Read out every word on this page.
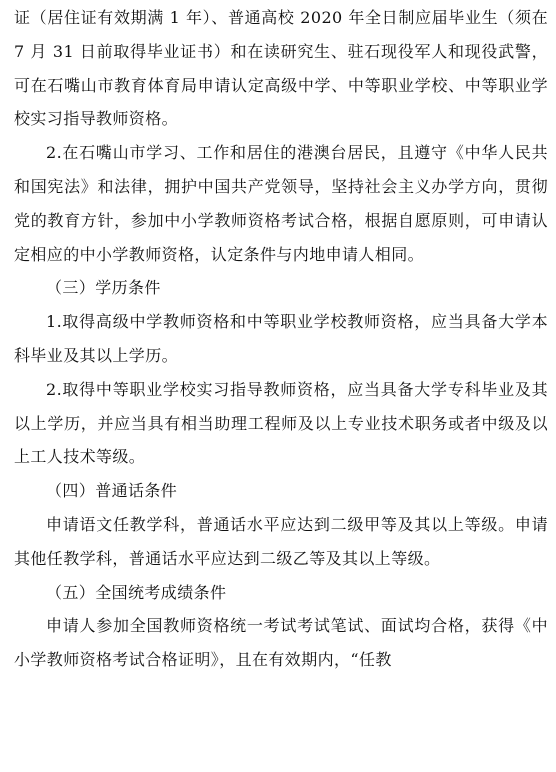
证（居住证有效期满 1 年）、普通高校 2020 年全日制应届毕业生（须在 7 月 31 日前取得毕业证书）和在读研究生、驻石现役军人和现役武警，可在石嘴山市教育体育局申请认定高级中学、中等职业学校、中等职业学校实习指导教师资格。

2.在石嘴山市学习、工作和居住的港澳台居民，且遵守《中华人民共和国宪法》和法律，拥护中国共产党领导，坚持社会主义办学方向，贯彻党的教育方针，参加中小学教师资格考试合格，根据自愿原则，可申请认定相应的中小学教师资格，认定条件与内地申请人相同。

（三）学历条件

1.取得高级中学教师资格和中等职业学校教师资格，应当具备大学本科毕业及其以上学历。

2.取得中等职业学校实习指导教师资格，应当具备大学专科毕业及其以上学历，并应当具有相当助理工程师及以上专业技术职务或者中级及以上工人技术等级。

（四）普通话条件

申请语文任教学科，普通话水平应达到二级甲等及其以上等级。申请其他任教学科，普通话水平应达到二级乙等及其以上等级。

（五）全国统考成绩条件

申请人参加全国教师资格统一考试考试笔试、面试均合格，获得《中小学教师资格考试合格证明》，且在有效期内，“任教
